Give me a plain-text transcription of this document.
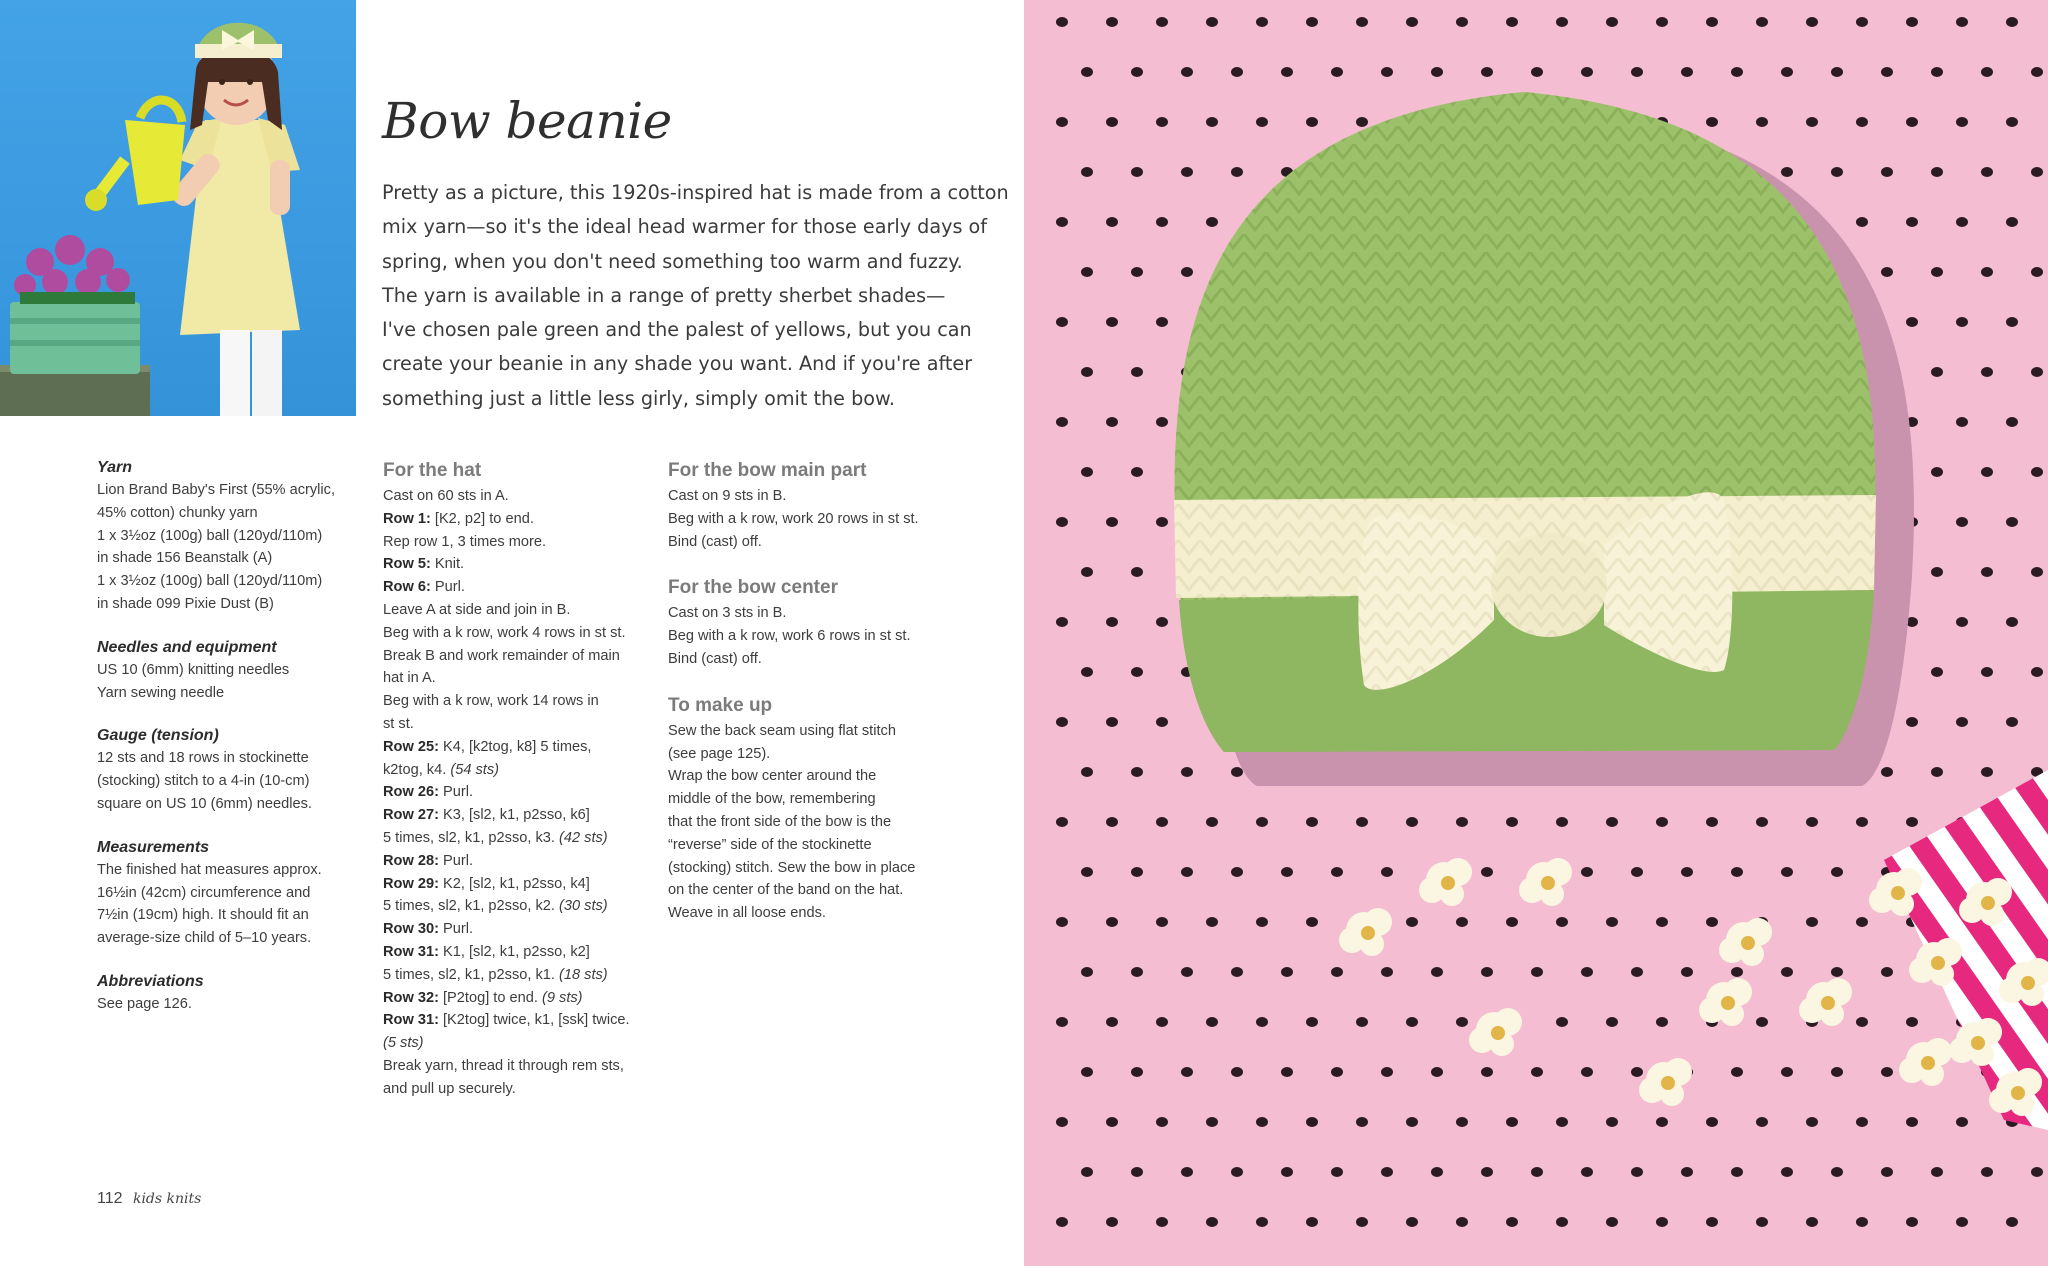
Bow beanie

Pretty as a picture, this 1920s-inspired hat is made from a cotton
mix yarn—so it's the ideal head warmer for those early days of
spring, when you don't need something too warm and fuzzy.
The yarn is available in a range of pretty sherbet shades—
I've chosen pale green and the palest of yellows, but you can
create your beanie in any shade you want. And if you're after
something just a little less girly, simply omit the bow.

Yarn

Lion Brand Baby's First (55% acrylic,
45% cotton) chunky yarn
1 x 3½oz (100g) ball (120yd/110m)
in shade 156 Beanstalk (A)
1 x 3½oz (100g) ball (120yd/110m)
in shade 099 Pixie Dust (B)

Needles and equipment

US 10 (6mm) knitting needles
Yarn sewing needle

Gauge (tension)

12 sts and 18 rows in stockinette
(stocking) stitch to a 4-in (10-cm)
square on US 10 (6mm) needles.

Measurements

The finished hat measures approx.
16½in (42cm) circumference and
7½in (19cm) high. It should fit an
average-size child of 5–10 years.

Abbreviations

See page 126.

For the hat

Cast on 60 sts in A.
Row 1: [K2, p2] to end.
Rep row 1, 3 times more.
Row 5: Knit.
Row 6: Purl.
Leave A at side and join in B.
Beg with a k row, work 4 rows in st st.
Break B and work remainder of main
hat in A.
Beg with a k row, work 14 rows in
st st.
Row 25: K4, [k2tog, k8] 5 times,
k2tog, k4. (54 sts)
Row 26: Purl.
Row 27: K3, [sl2, k1, p2sso, k6]
5 times, sl2, k1, p2sso, k3. (42 sts)
Row 28: Purl.
Row 29: K2, [sl2, k1, p2sso, k4]
5 times, sl2, k1, p2sso, k2. (30 sts)
Row 30: Purl.
Row 31: K1, [sl2, k1, p2sso, k2]
5 times, sl2, k1, p2sso, k1. (18 sts)
Row 32: [P2tog] to end. (9 sts)
Row 31: [K2tog] twice, k1, [ssk] twice.
(5 sts)
Break yarn, thread it through rem sts,
and pull up securely.

For the bow main part

Cast on 9 sts in B.
Beg with a k row, work 20 rows in st st.
Bind (cast) off.

For the bow center

Cast on 3 sts in B.
Beg with a k row, work 6 rows in st st.
Bind (cast) off.

To make up

Sew the back seam using flat stitch
(see page 125).
Wrap the bow center around the
middle of the bow, remembering
that the front side of the bow is the
“reverse” side of the stockinette
(stocking) stitch. Sew the bow in place
on the center of the band on the hat.
Weave in all loose ends.
112 kids knits
